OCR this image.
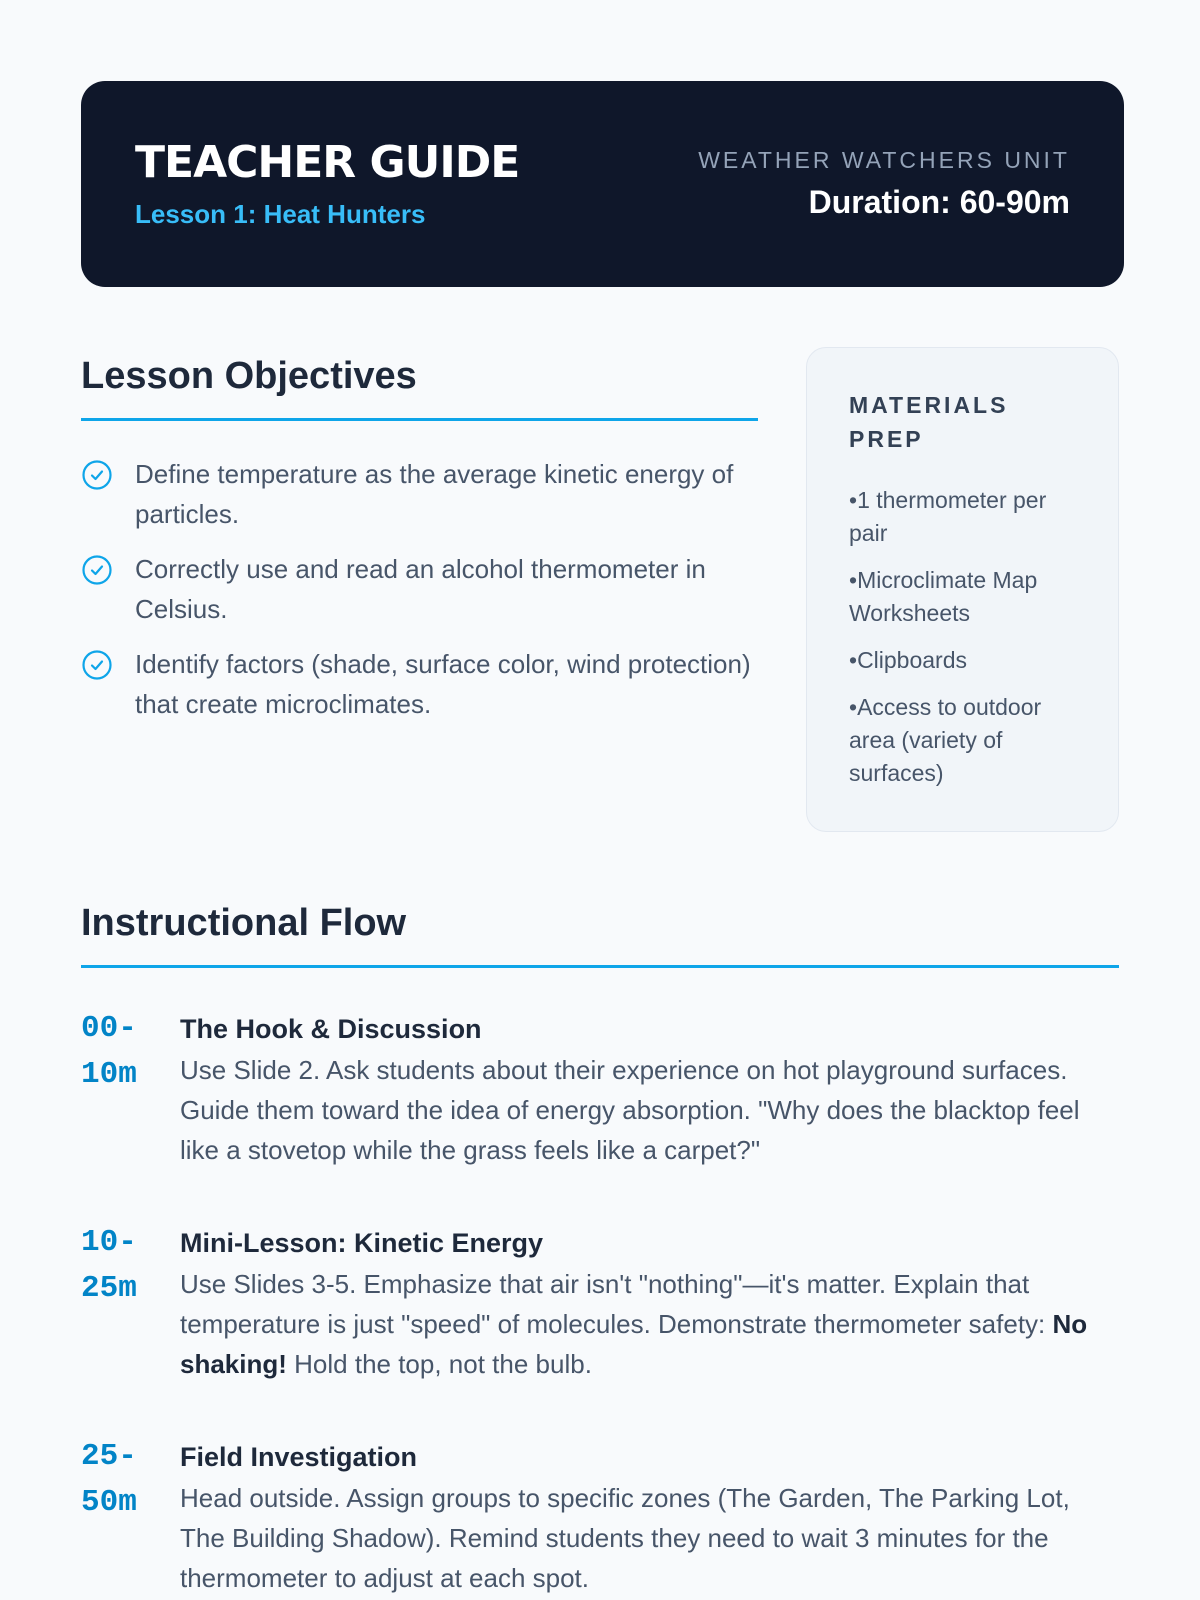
TEACHER GUIDE
Lesson 1: Heat Hunters
WEATHER WATCHERS UNIT
Duration: 60-90m
Lesson Objectives
Define temperature as the average kinetic energy of particles.
Correctly use and read an alcohol thermometer in Celsius.
Identify factors (shade, surface color, wind protection) that create microclimates.
MATERIALS PREP
• 1 thermometer per pair
• Microclimate Map Worksheets
• Clipboards
• Access to outdoor area (variety of surfaces)
Instructional Flow
00-10m
The Hook & Discussion

Use Slide 2. Ask students about their experience on hot playground surfaces. Guide them toward the idea of energy absorption. "Why does the blacktop feel like a stovetop while the grass feels like a carpet?"

10-25m
Mini-Lesson: Kinetic Energy

Use Slides 3-5. Emphasize that air isn't "nothing"—it's matter. Explain that temperature is just "speed" of molecules. Demonstrate thermometer safety: No shaking! Hold the top, not the bulb.

25-50m
Field Investigation

Head outside. Assign groups to specific zones (The Garden, The Parking Lot, The Building Shadow). Remind students they need to wait 3 minutes for the thermometer to adjust at each spot.
